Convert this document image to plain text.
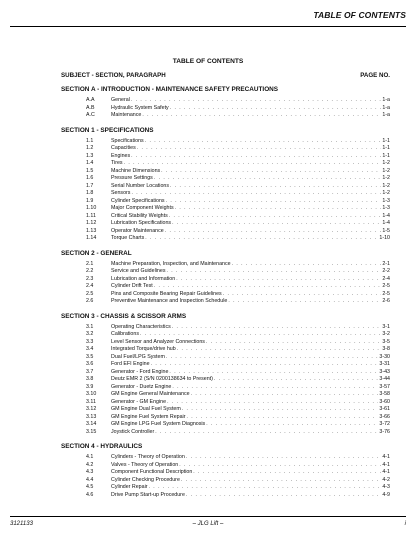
TABLE OF CONTENTS
TABLE OF CONTENTS
SUBJECT - SECTION, PARAGRAPH	PAGE NO.
SECTION A - INTRODUCTION - MAINTENANCE SAFETY PRECAUTIONS
A.A	General . . .	1-a
A.B	Hydraulic System Safety . . .	1-a
A.C	Maintenance . . .	1-a
SECTION 1 - SPECIFICATIONS
1.1	Specifications . . .	1-1
1.2	Capacities . . .	1-1
1.3	Engines . . .	1-1
1.4	Tires . . .	1-2
1.5	Machine Dimensions . . .	1-2
1.6	Pressure Settings . . .	1-2
1.7	Serial Number Locations . . .	1-2
1.8	Sensors . . .	1-2
1.9	Cylinder Specifications . . .	1-3
1.10	Major Component Weights . . .	1-3
1.11	Critical Stability Weights . . .	1-4
1.12	Lubrication Specifications . . .	1-4
1.13	Operator Maintenance . . .	1-5
1.14	Torque Charts . . .	1-10
SECTION 2 - GENERAL
2.1	Machine Preparation, Inspection, and Maintenance . . .	2-1
2.2	Service and Guidelines . . .	2-2
2.3	Lubrication and Information . . .	2-4
2.4	Cylinder Drift Test . . .	2-5
2.5	Pins and Composite Bearing Repair Guidelines . . .	2-5
2.6	Preventive Maintenance and Inspection Schedule . . .	2-6
SECTION 3 - CHASSIS & SCISSOR ARMS
3.1	Operating Characteristics . . .	3-1
3.2	Calibrations . . .	3-2
3.3	Level Sensor and Analyzer Connections . . .	3-5
3.4	Integrated Torque/drive hub . . .	3-8
3.5	Dual Fuel/LPG System . . .	3-30
3.6	Ford EFI Engine . . .	3-31
3.7	Generator - Ford Engine . . .	3-43
3.8	Deutz EMR 2 (S/N 0200138634 to Present) . . .	3-44
3.9	Generator - Duetz Engine . . .	3-57
3.10	GM Engine General Maintenance . . .	3-58
3.11	Generator - GM Engine . . .	3-60
3.12	GM Engine Dual Fuel System . . .	3-61
3.13	GM Engine Fuel System Repair . . .	3-66
3.14	GM Engine LPG Fuel System Diagnosis . . .	3-72
3.15	Joystick Controller . . .	3-76
SECTION 4 - HYDRAULICS
4.1	Cylinders - Theory of Operation . . .	4-1
4.2	Valves - Theory of Operation . . .	4-1
4.3	Component Functional Description . . .	4-1
4.4	Cylinder Checking Procedure . . .	4-2
4.5	Cylinder Repair . . .	4-3
4.6	Drive Pump Start-up Procedure . . .	4-9
3121133	– JLG Lift –	i
